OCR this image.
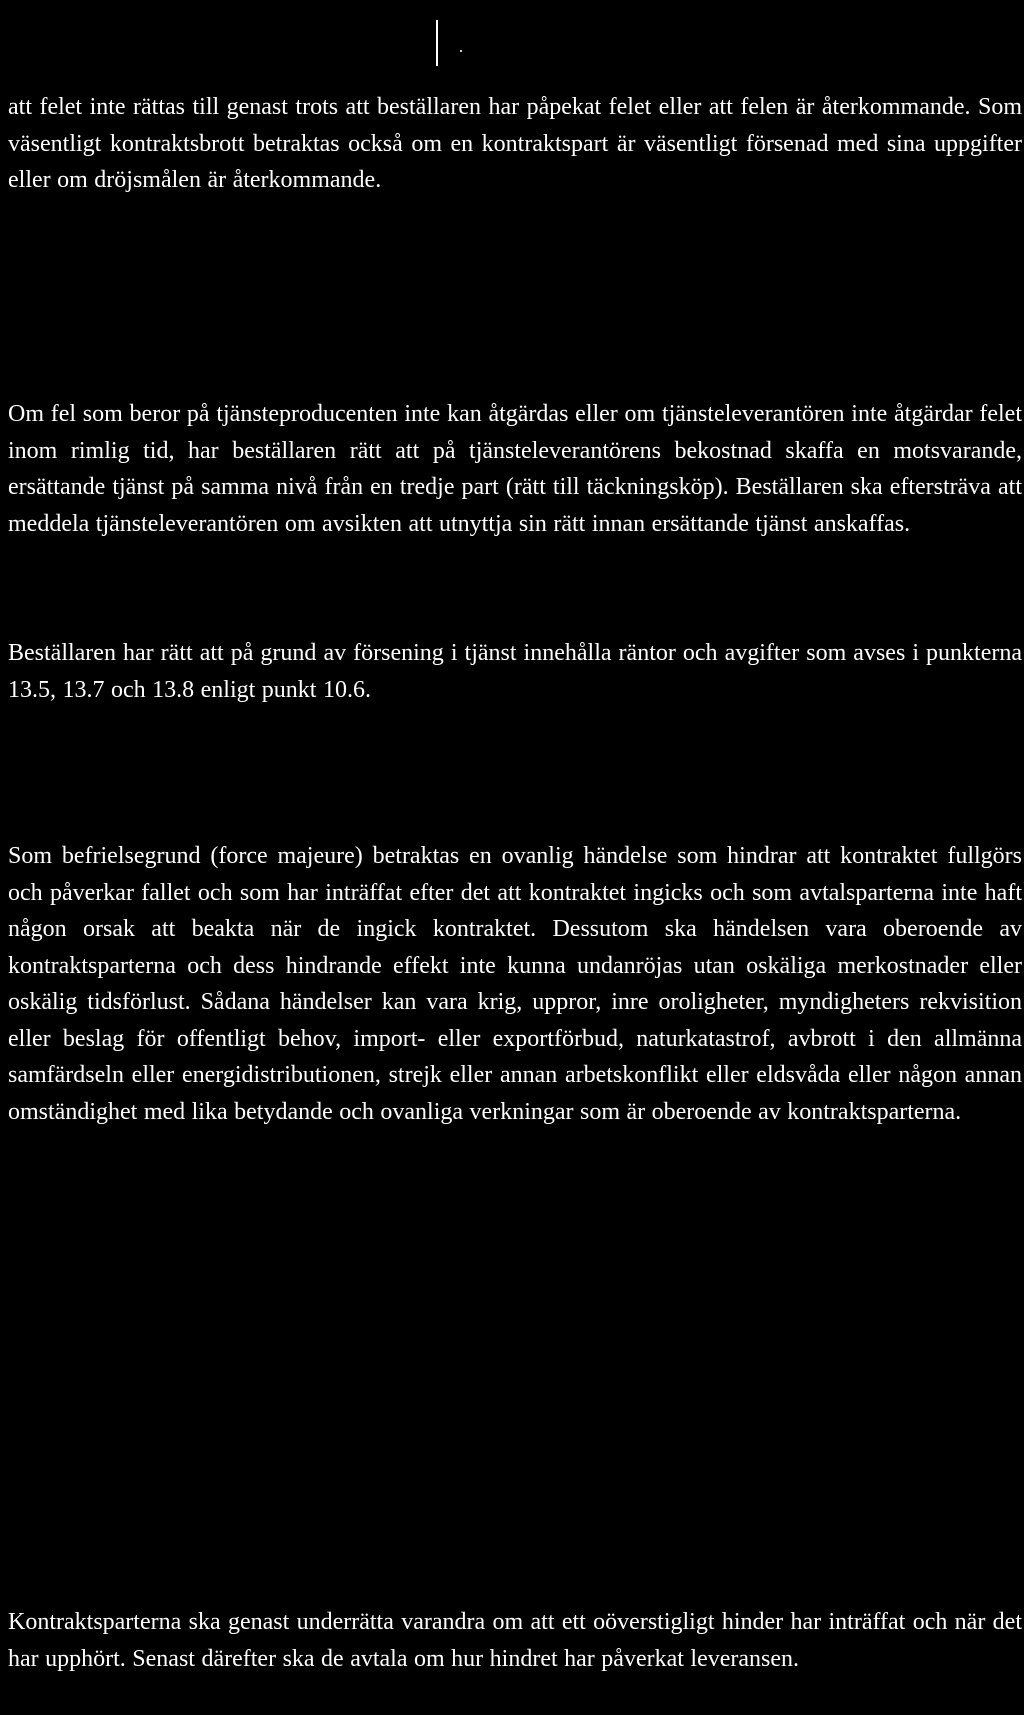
att felet inte rättas till genast trots att beställaren har påpekat felet eller att felen är återkommande. Som väsentligt kontraktsbrott betraktas också om en kontraktspart är väsentligt försenad med sina uppgifter eller om dröjsmålen är återkommande.

Om fel som beror på tjänsteproducenten inte kan åtgärdas eller om tjänsteleverantören inte åtgärdar felet inom rimlig tid, har beställaren rätt att på tjänsteleverantörens bekostnad skaffa en motsvarande, ersättande tjänst på samma nivå från en tredje part (rätt till täckningsköp). Beställaren ska eftersträva att meddela tjänsteleverantören om avsikten att utnyttja sin rätt innan ersättande tjänst anskaffas.

Beställaren har rätt att på grund av försening i tjänst innehålla räntor och avgifter som avses i punkterna 13.5, 13.7 och 13.8 enligt punkt 10.6.

Som befrielsegrund (force majeure) betraktas en ovanlig händelse som hindrar att kontraktet fullgörs och påverkar fallet och som har inträffat efter det att kontraktet ingicks och som avtalsparterna inte haft någon orsak att beakta när de ingick kontraktet. Dessutom ska händelsen vara oberoende av kontraktsparterna och dess hindrande effekt inte kunna undanröjas utan oskäliga merkostnader eller oskälig tidsförlust. Sådana händelser kan vara krig, uppror, inre oroligheter, myndigheters rekvisition eller beslag för offentligt behov, import- eller exportförbud, naturkatastrof, avbrott i den allmänna samfärdseln eller energidistributionen, strejk eller annan arbetskonflikt eller eldsvåda eller någon annan omständighet med lika betydande och ovanliga verkningar som är oberoende av kontraktsparterna.

Kontraktsparterna ska genast underrätta varandra om att ett oöverstigligt hinder har inträffat och när det har upphört. Senast därefter ska de avtala om hur hindret har påverkat leveransen.
